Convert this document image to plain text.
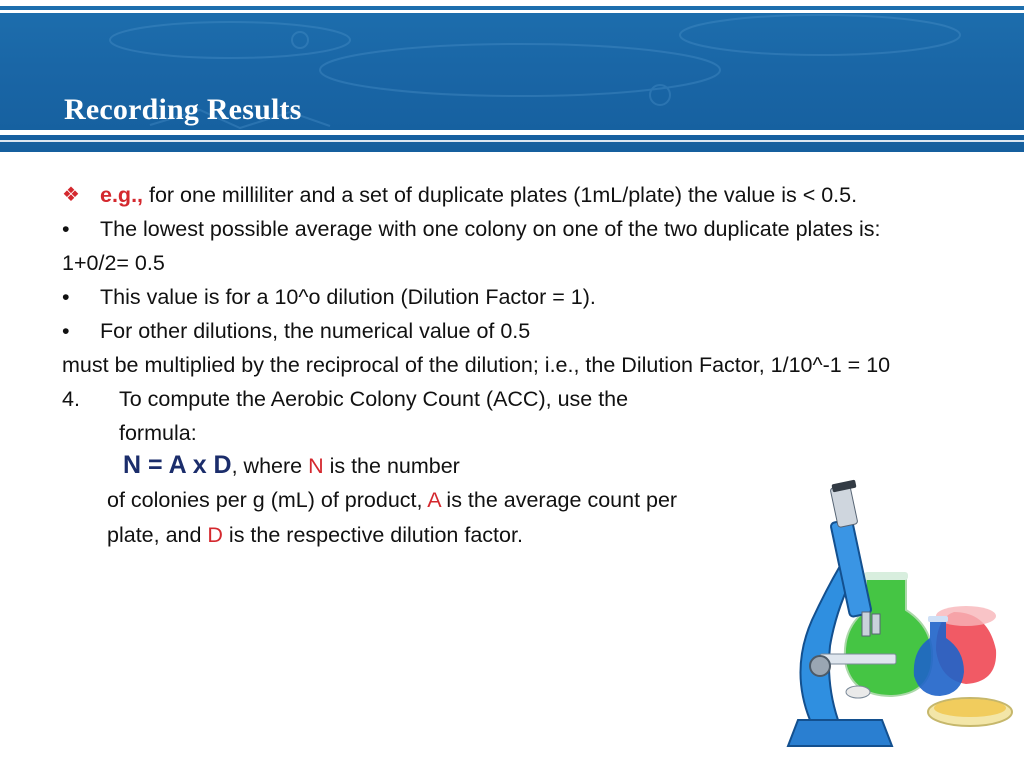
Recording Results
❖ e.g., for one milliliter and a set of duplicate plates (1mL/plate) the value is < 0.5.
•	The lowest possible average with one colony on one of the two duplicate plates is:
1+0/2= 0.5
•	This value is for a 10^o dilution (Dilution Factor = 1).
•	For other dilutions, the numerical value of 0.5
must be multiplied by the reciprocal of the dilution; i.e., the Dilution Factor, 1/10^-1 = 10
4.	To compute the Aerobic Colony Count (ACC), use the
formula:
N = A x D, where N is the number
of colonies per g (mL) of product, A is the average count per
plate, and D is the respective dilution factor.
